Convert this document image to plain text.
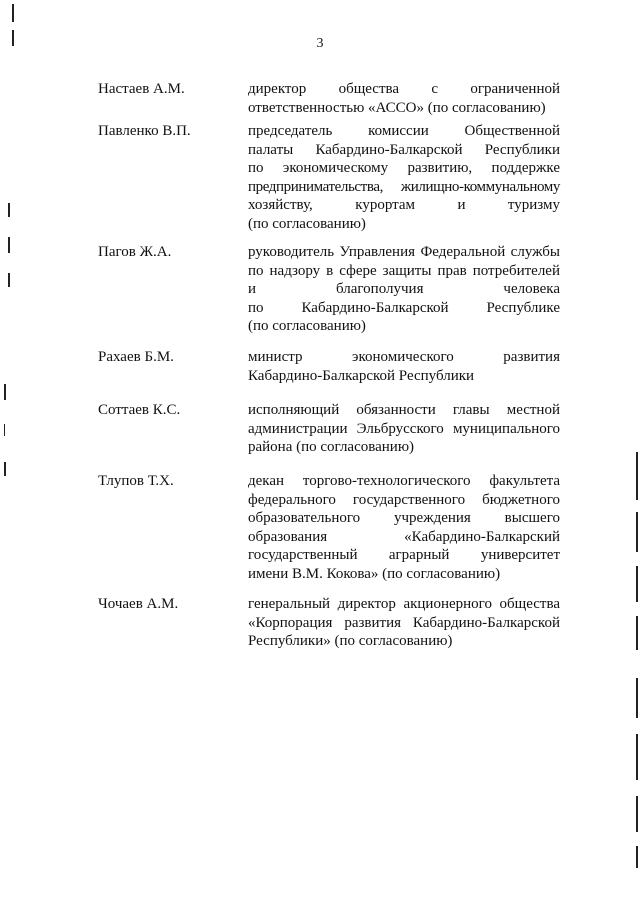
3
Настаев А.М.	директор общества с ограниченной
ответственностью «АССО» (по согласованию)
Павленко В.П.	председатель комиссии Общественной
палаты Кабардино-Балкарской Республики
по экономическому развитию, поддержке
предпринимательства, жилищно-коммунальному
хозяйству, курортам и туризму
(по согласованию)
Пагов Ж.А.	руководитель Управления Федеральной службы
по надзору в сфере защиты прав потребителей
и благополучия человека
по Кабардино-Балкарской Республике
(по согласованию)
Рахаев Б.М.	министр экономического развития
Кабардино-Балкарской Республики
Соттаев К.С.	исполняющий обязанности главы местной
администрации Эльбрусского муниципального
района (по согласованию)
Тлупов Т.Х.	декан торгово-технологического факультета
федерального государственного бюджетного
образовательного учреждения высшего
образования «Кабардино-Балкарский
государственный аграрный университет
имени В.М. Кокова» (по согласованию)
Чочаев А.М.	генеральный директор акционерного общества
«Корпорация развития Кабардино-Балкарской
Республики» (по согласованию)
